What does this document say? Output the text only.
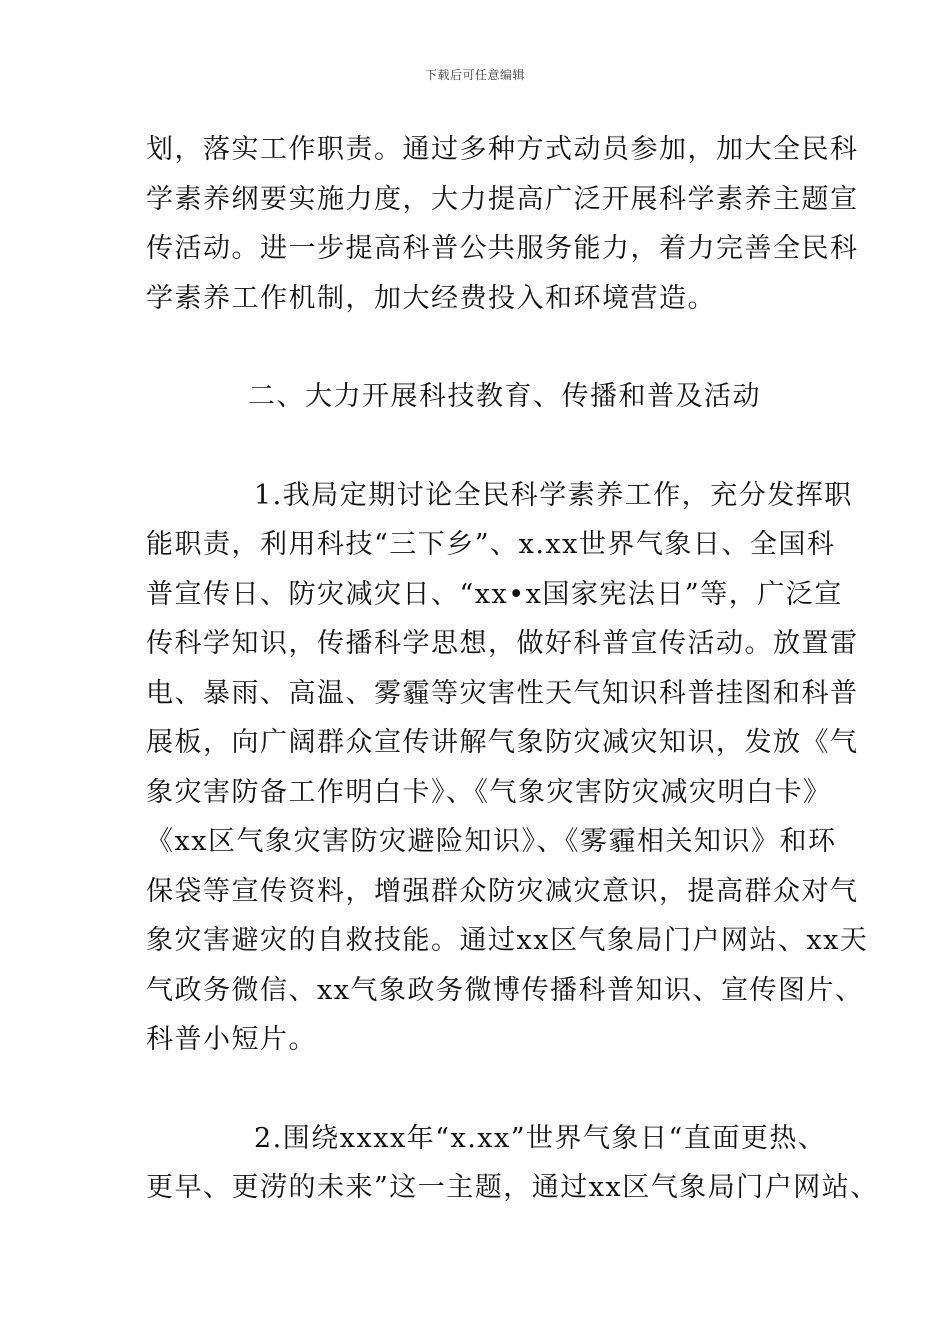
下载后可任意编辑
划，落实工作职责。通过多种方式动员参加，加大全民科
学素养纲要实施力度，大力提高广泛开展科学素养主题宣
传活动。进一步提高科普公共服务能力，着力完善全民科
学素养工作机制，加大经费投入和环境营造。
二、大力开展科技教育、传播和普及活动
1.我局定期讨论全民科学素养工作，充分发挥职
能职责，利用科技“三下乡”、x.xx世界气象日、全国科
普宣传日、防灾减灾日、“xx•x国家宪法日”等，广泛宣
传科学知识，传播科学思想，做好科普宣传活动。放置雷
电、暴雨、高温、雾霾等灾害性天气知识科普挂图和科普
展板，向广阔群众宣传讲解气象防灾减灾知识，发放《气
象灾害防备工作明白卡》、《气象灾害防灾减灾明白卡》
《xx区气象灾害防灾避险知识》、《雾霾相关知识》和环
保袋等宣传资料，增强群众防灾减灾意识，提高群众对气
象灾害避灾的自救技能。通过xx区气象局门户网站、xx天
气政务微信、xx气象政务微博传播科普知识、宣传图片、
科普小短片。
2.围绕xxxx年“x.xx”世界气象日“直面更热、
更早、更涝的未来”这一主题，通过xx区气象局门户网站、
